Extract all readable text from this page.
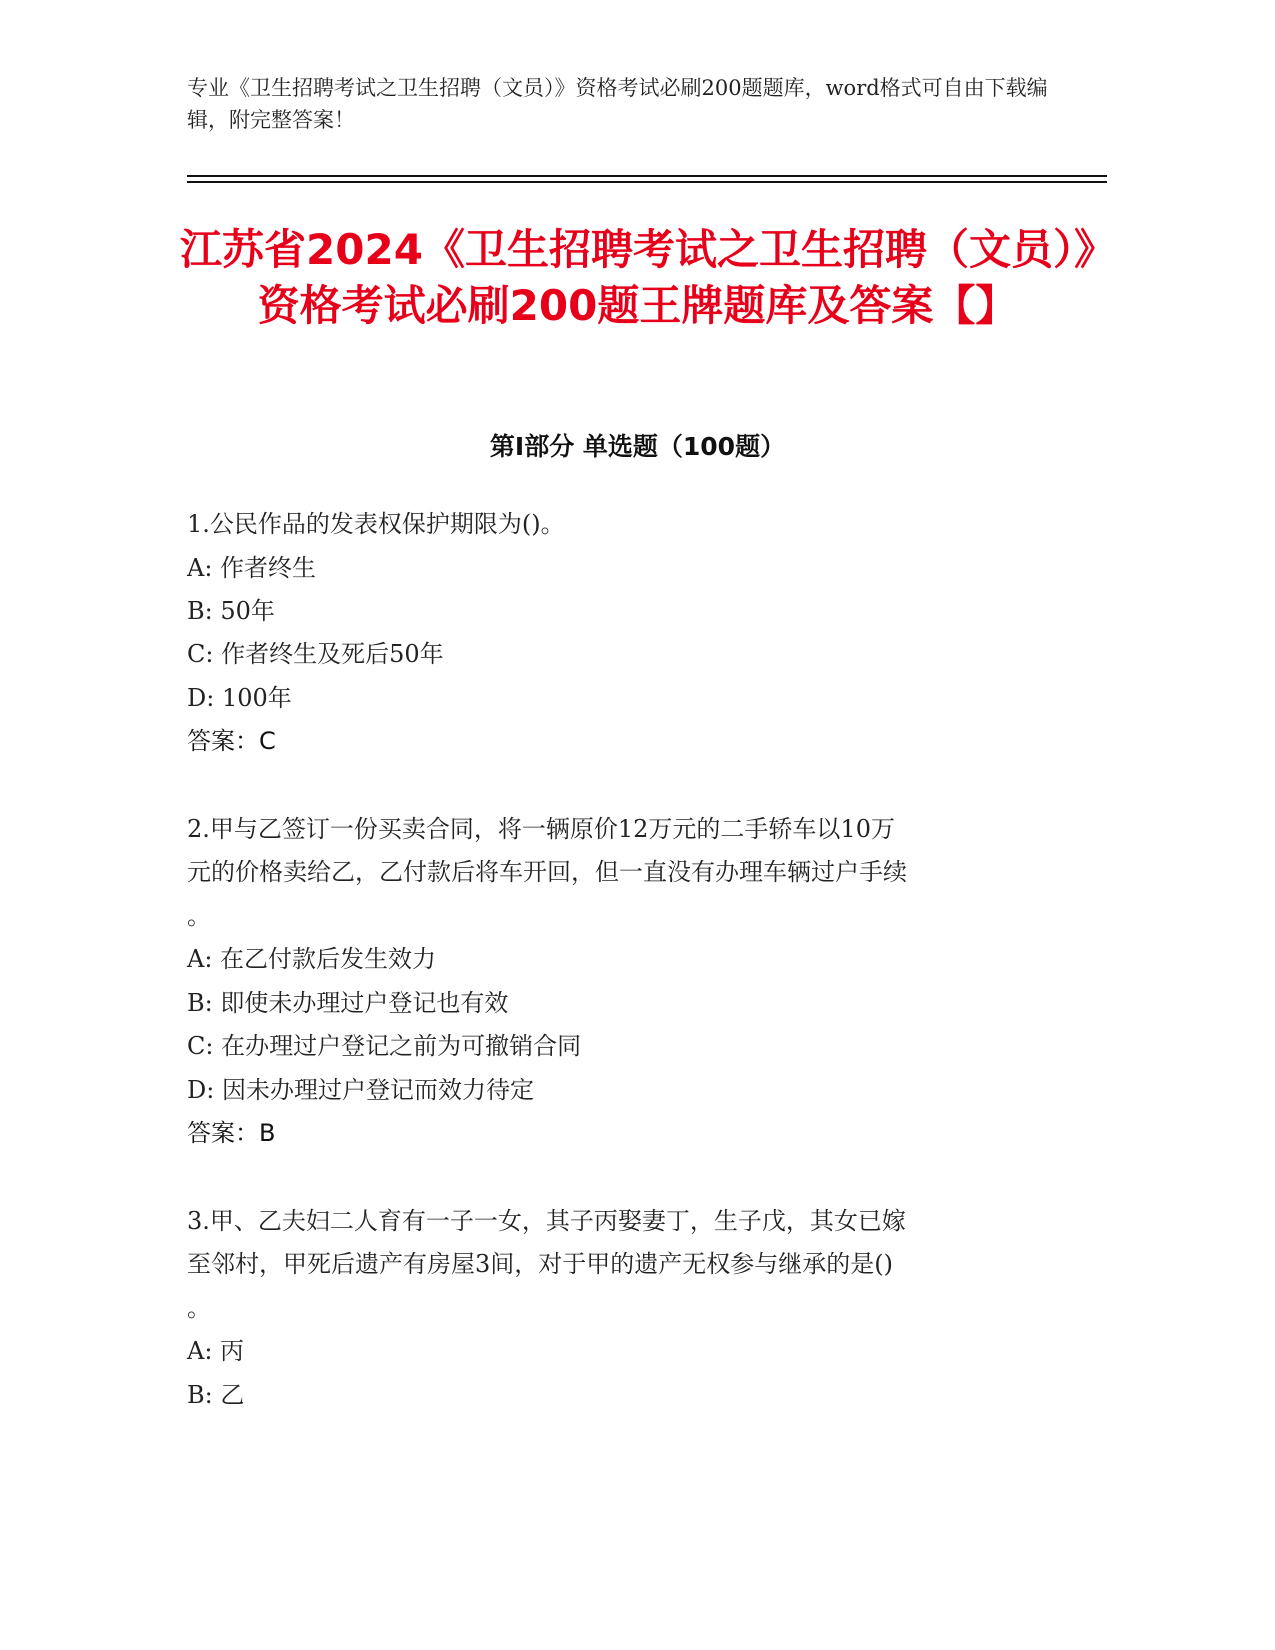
专业《卫生招聘考试之卫生招聘（文员）》资格考试必刷200题题库，word格式可自由下载编辑，附完整答案！
江苏省2024《卫生招聘考试之卫生招聘（文员）》资格考试必刷200题王牌题库及答案【】
第I部分 单选题（100题）
1.公民作品的发表权保护期限为()。
A: 作者终生
B: 50年
C: 作者终生及死后50年
D: 100年
答案：C
2.甲与乙签订一份买卖合同，将一辆原价12万元的二手轿车以10万
元的价格卖给乙，乙付款后将车开回，但一直没有办理车辆过户手续
。
A: 在乙付款后发生效力
B: 即使未办理过户登记也有效
C: 在办理过户登记之前为可撤销合同
D: 因未办理过户登记而效力待定
答案：B
3.甲、乙夫妇二人育有一子一女，其子丙娶妻丁，生子戊，其女已嫁
至邻村，甲死后遗产有房屋3间，对于甲的遗产无权参与继承的是()
。
A: 丙
B: 乙
